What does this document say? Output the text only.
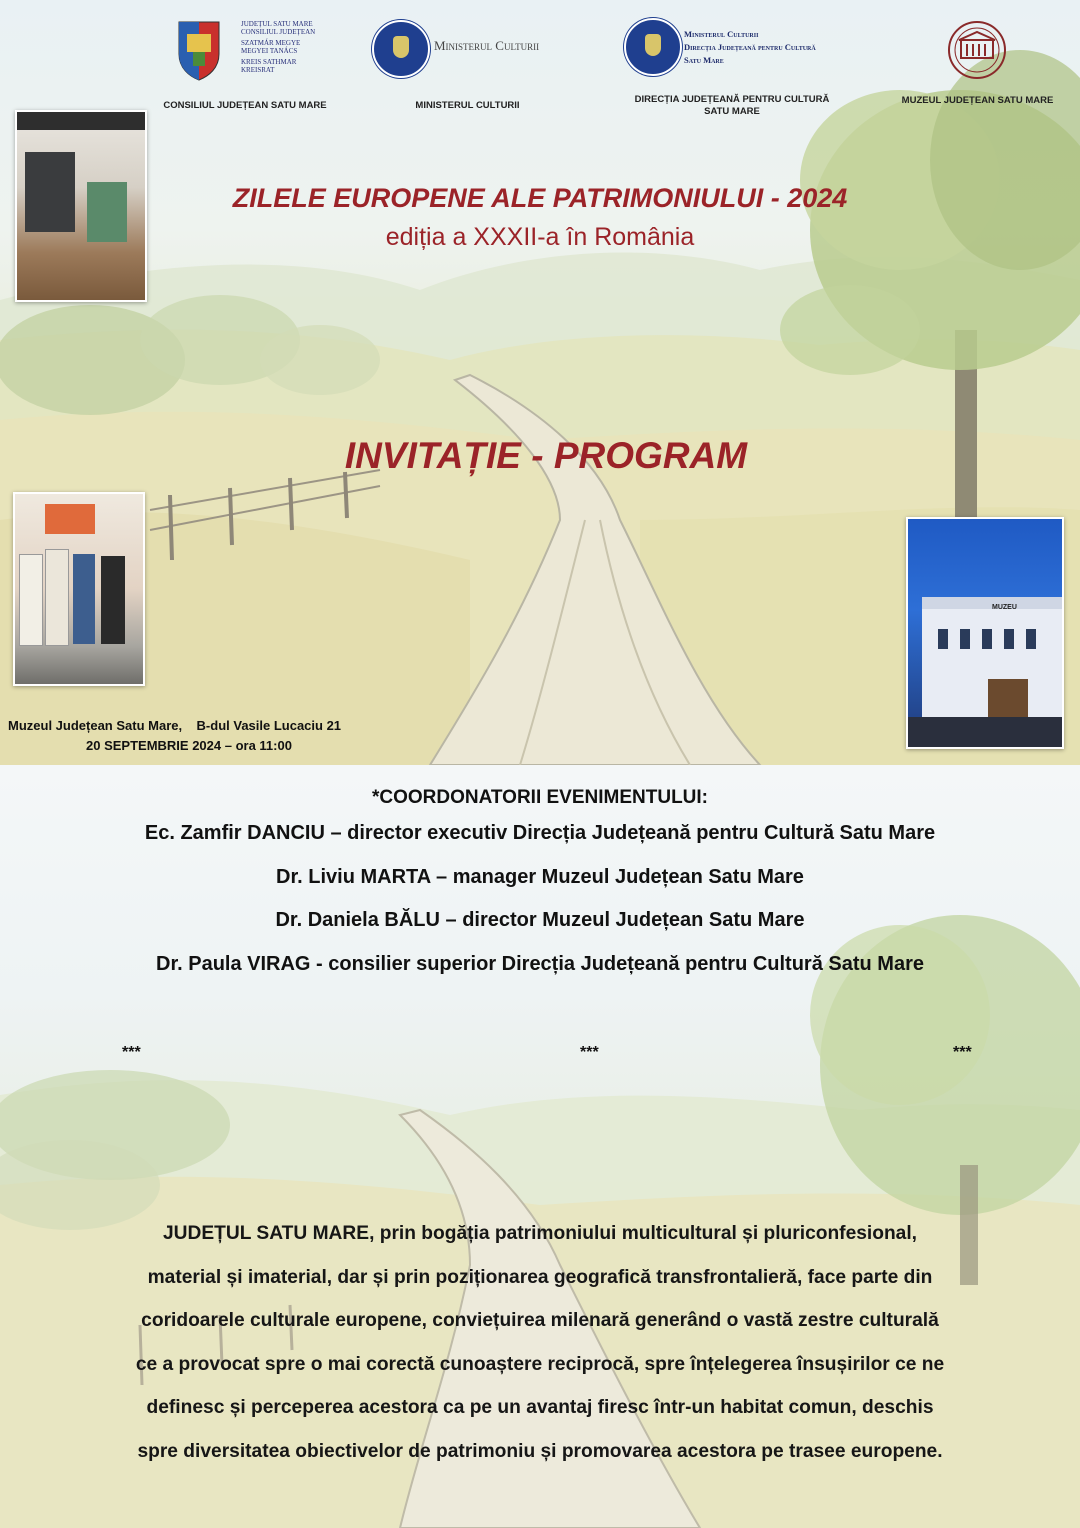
JUDEȚUL SATU MARE
CONSILIUL JUDEȚEAN
SZATMÁR MEGYE
MEGYEI TANÁCS
KREIS SATHMAR
KREISRAT
CONSILIUL JUDEȚEAN SATU MARE
Ministerul Culturii
MINISTERUL CULTURII
Ministerul Culturii
Direcția Județeană pentru Cultură
Satu Mare
DIRECȚIA JUDEȚEANĂ PENTRU CULTURĂ
SATU MARE
MUZEUL JUDEȚEAN SATU MARE
MUZEU
ZILELE EUROPENE ALE PATRIMONIULUI - 2024
ediția a XXXII-a în România
INVITAȚIE - PROGRAM
Muzeul Județean Satu Mare,    B-dul Vasile Lucaciu 21
20 SEPTEMBRIE 2024 – ora 11:00
*COORDONATORII EVENIMENTULUI:
Ec. Zamfir DANCIU – director executiv Direcția Județeană pentru Cultură Satu Mare
Dr. Liviu MARTA – manager Muzeul Județean Satu Mare
Dr. Daniela BĂLU – director Muzeul Județean Satu Mare
Dr. Paula VIRAG - consilier superior Direcția Județeană pentru Cultură Satu Mare
***	***	***
JUDEȚUL SATU MARE, prin bogăția patrimoniului multicultural și pluriconfesional,
material și imaterial, dar și prin poziționarea geografică transfrontalieră, face parte din
coridoarele culturale europene, conviețuirea milenară generând o vastă zestre culturală
ce a provocat spre o mai corectă cunoaștere reciprocă, spre înțelegerea însușirilor ce ne
definesc și perceperea acestora ca pe un avantaj firesc într-un habitat comun, deschis
spre diversitatea obiectivelor de patrimoniu și promovarea acestora pe trasee europene.
